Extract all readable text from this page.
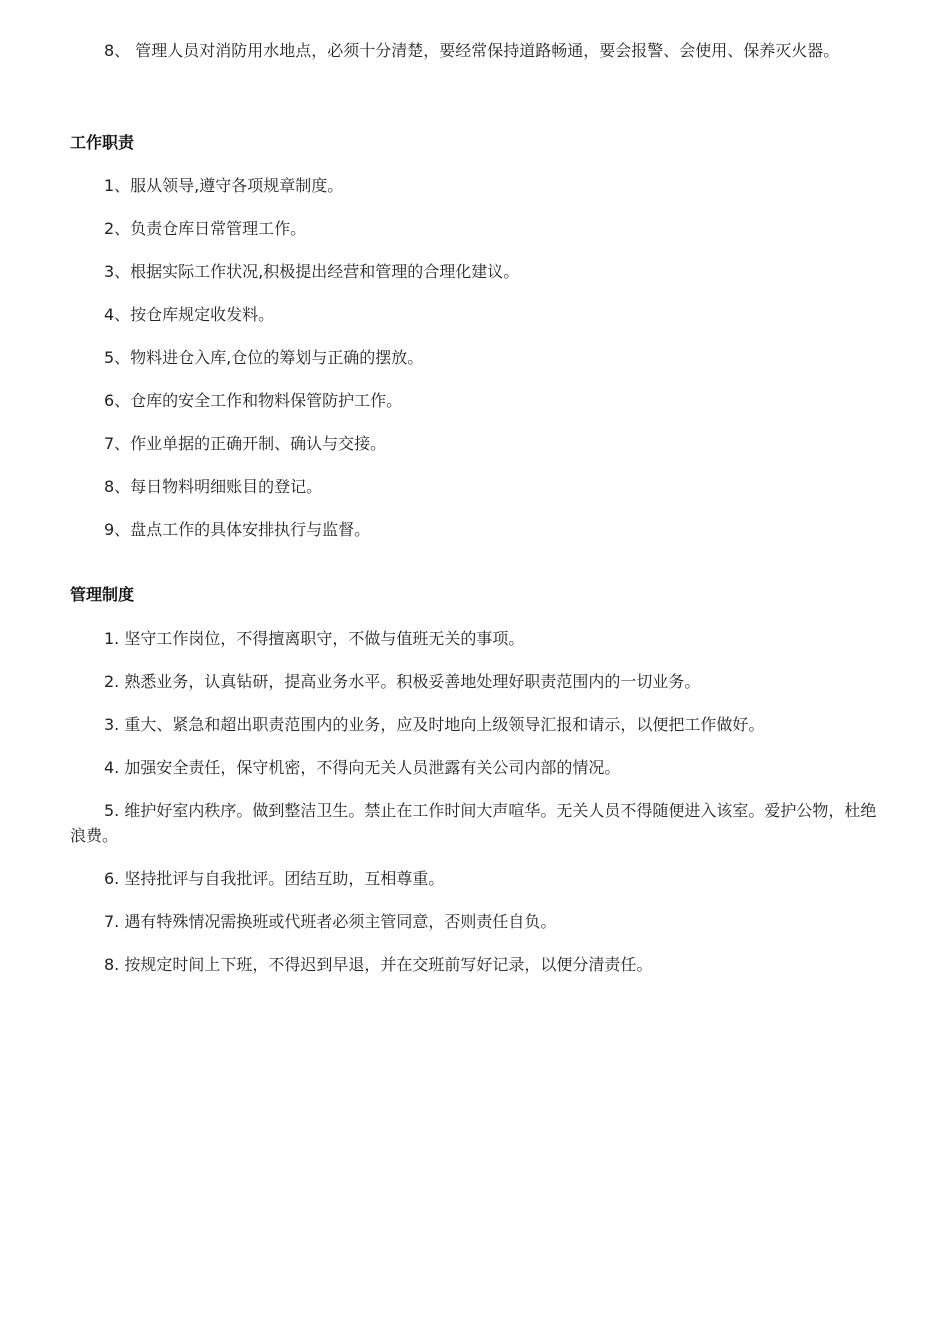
8、 管理人员对消防用水地点，必须十分清楚，要经常保持道路畅通，要会报警、会使用、保养灭火器。

工作职责

1、服从领导,遵守各项规章制度。

2、负责仓库日常管理工作。

3、根据实际工作状况,积极提出经营和管理的合理化建议。

4、按仓库规定收发料。

5、物料进仓入库,仓位的筹划与正确的摆放。

6、仓库的安全工作和物料保管防护工作。

7、作业单据的正确开制、确认与交接。

8、每日物料明细账目的登记。

9、盘点工作的具体安排执行与监督。

管理制度

1. 坚守工作岗位，不得擅离职守，不做与值班无关的事项。

2. 熟悉业务，认真钻研，提高业务水平。积极妥善地处理好职责范围内的一切业务。

3. 重大、紧急和超出职责范围内的业务，应及时地向上级领导汇报和请示，以便把工作做好。

4. 加强安全责任，保守机密，不得向无关人员泄露有关公司内部的情况。

5. 维护好室内秩序。做到整洁卫生。禁止在工作时间大声喧华。无关人员不得随便进入该室。爱护公物，杜绝浪费。

6. 坚持批评与自我批评。团结互助，互相尊重。

7. 遇有特殊情况需换班或代班者必须主管同意，否则责任自负。

8. 按规定时间上下班，不得迟到早退，并在交班前写好记录，以便分清责任。
